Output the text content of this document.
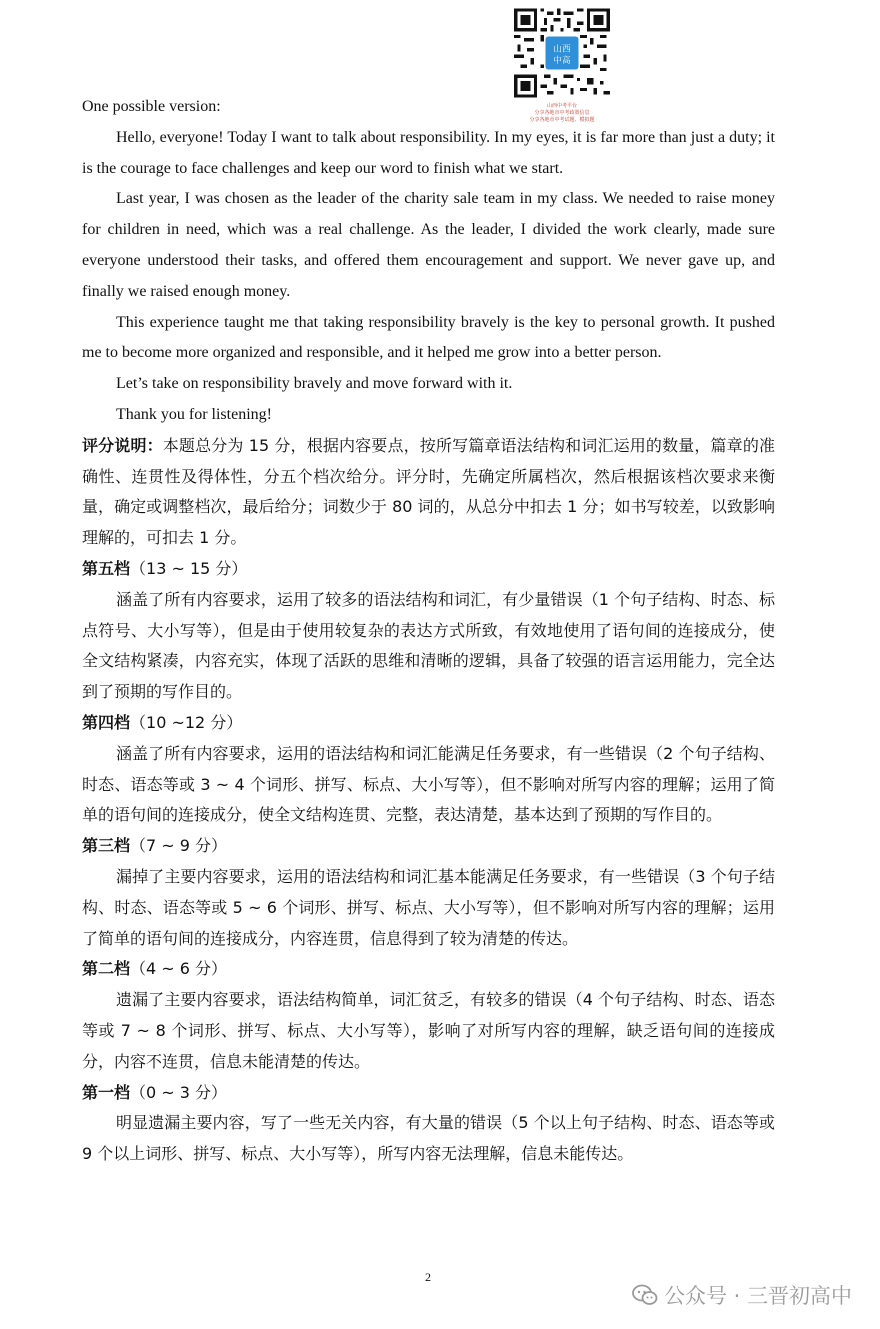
山西
中高
山西中考平台
分享各地市中考政策信息
分享各地市中考试题、模拟题

One possible version:

Hello, everyone! Today I want to talk about responsibility. In my eyes, it is far more than just a duty; it is the courage to face challenges and keep our word to finish what we start.

Last year, I was chosen as the leader of the charity sale team in my class. We needed to raise money for children in need, which was a real challenge. As the leader, I divided the work clearly, made sure everyone understood their tasks, and offered them encouragement and support. We never gave up, and finally we raised enough money.

This experience taught me that taking responsibility bravely is the key to personal growth. It pushed me to become more organized and responsible, and it helped me grow into a better person.

Let’s take on responsibility bravely and move forward with it.

Thank you for listening!

评分说明：本题总分为 15 分，根据内容要点，按所写篇章语法结构和词汇运用的数量，篇章的准确性、连贯性及得体性，分五个档次给分。评分时，先确定所属档次，然后根据该档次要求来衡量，确定或调整档次，最后给分；词数少于 80 词的，从总分中扣去 1 分；如书写较差，以致影响理解的，可扣去 1 分。

第五档（13 ~ 15 分）

涵盖了所有内容要求，运用了较多的语法结构和词汇，有少量错误（1 个句子结构、时态、标点符号、大小写等），但是由于使用较复杂的表达方式所致，有效地使用了语句间的连接成分，使全文结构紧凑，内容充实，体现了活跃的思维和清晰的逻辑，具备了较强的语言运用能力，完全达到了预期的写作目的。

第四档（10 ~12 分）

涵盖了所有内容要求，运用的语法结构和词汇能满足任务要求，有一些错误（2 个句子结构、时态、语态等或 3 ~ 4 个词形、拼写、标点、大小写等），但不影响对所写内容的理解；运用了简单的语句间的连接成分，使全文结构连贯、完整，表达清楚，基本达到了预期的写作目的。

第三档（7 ~ 9 分）

漏掉了主要内容要求，运用的语法结构和词汇基本能满足任务要求，有一些错误（3 个句子结构、时态、语态等或 5 ~ 6 个词形、拼写、标点、大小写等），但不影响对所写内容的理解；运用了简单的语句间的连接成分，内容连贯，信息得到了较为清楚的传达。

第二档（4 ~ 6 分）

遗漏了主要内容要求，语法结构简单，词汇贫乏，有较多的错误（4 个句子结构、时态、语态等或 7 ~ 8 个词形、拼写、标点、大小写等），影响了对所写内容的理解，缺乏语句间的连接成分，内容不连贯，信息未能清楚的传达。

第一档（0 ~ 3 分）

明显遗漏主要内容，写了一些无关内容，有大量的错误（5 个以上句子结构、时态、语态等或 9 个以上词形、拼写、标点、大小写等），所写内容无法理解，信息未能传达。

2
公众号 · 三晋初高中
